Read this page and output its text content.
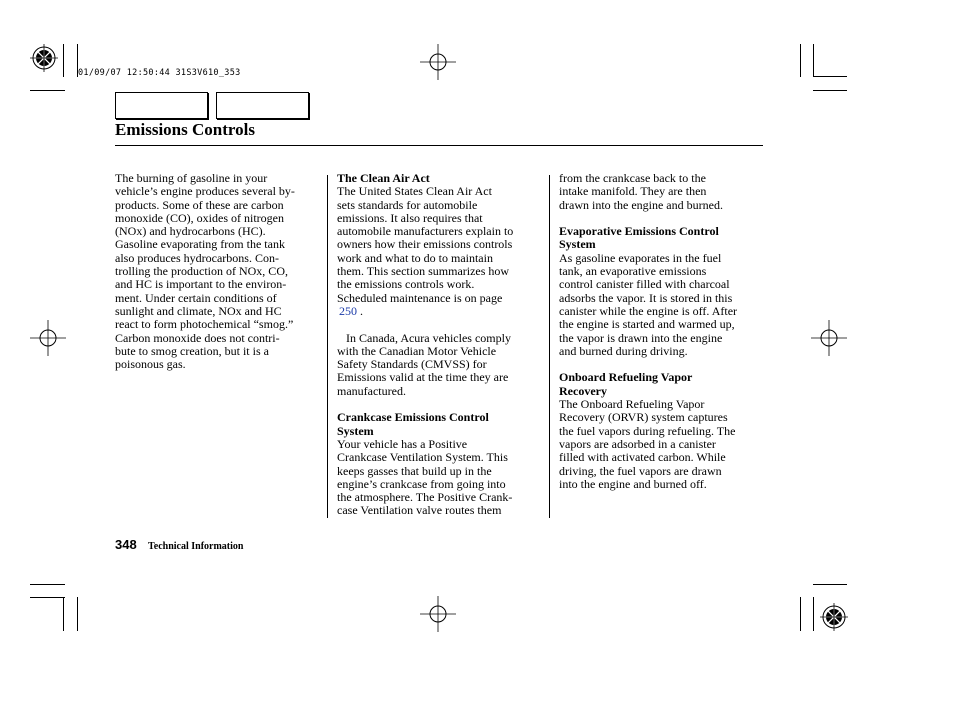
01/09/07 12:50:44 31S3V610_353
Emissions Controls

The burning of gasoline in your

vehicle’s engine produces several by-

products. Some of these are carbon

monoxide (CO), oxides of nitrogen

(NOx) and hydrocarbons (HC).

Gasoline evaporating from the tank

also produces hydrocarbons. Con-

trolling the production of NOx, CO,

and HC is important to the environ-

ment. Under certain conditions of

sunlight and climate, NOx and HC

react to form photochemical “smog.”

Carbon monoxide does not contri-

bute to smog creation, but it is a

poisonous gas.

The Clean Air Act

The United States Clean Air Act

sets standards for automobile

emissions. It also requires that

automobile manufacturers explain to

owners how their emissions controls

work and what to do to maintain

them. This section summarizes how

the emissions controls work.

Scheduled maintenance is on page

250 .

In Canada, Acura vehicles comply

with the Canadian Motor Vehicle

Safety Standards (CMVSS) for

Emissions valid at the time they are

manufactured.

Crankcase Emissions Control

System

Your vehicle has a Positive

Crankcase Ventilation System. This

keeps gasses that build up in the

engine’s crankcase from going into

the atmosphere. The Positive Crank-

case Ventilation valve routes them

from the crankcase back to the

intake manifold. They are then

drawn into the engine and burned.

Evaporative Emissions Control

System

As gasoline evaporates in the fuel

tank, an evaporative emissions

control canister filled with charcoal

adsorbs the vapor. It is stored in this

canister while the engine is off. After

the engine is started and warmed up,

the vapor is drawn into the engine

and burned during driving.

Onboard Refueling Vapor

Recovery

The Onboard Refueling Vapor

Recovery (ORVR) system captures

the fuel vapors during refueling. The

vapors are adsorbed in a canister

filled with activated carbon. While

driving, the fuel vapors are drawn

into the engine and burned off.

348 Technical Information
